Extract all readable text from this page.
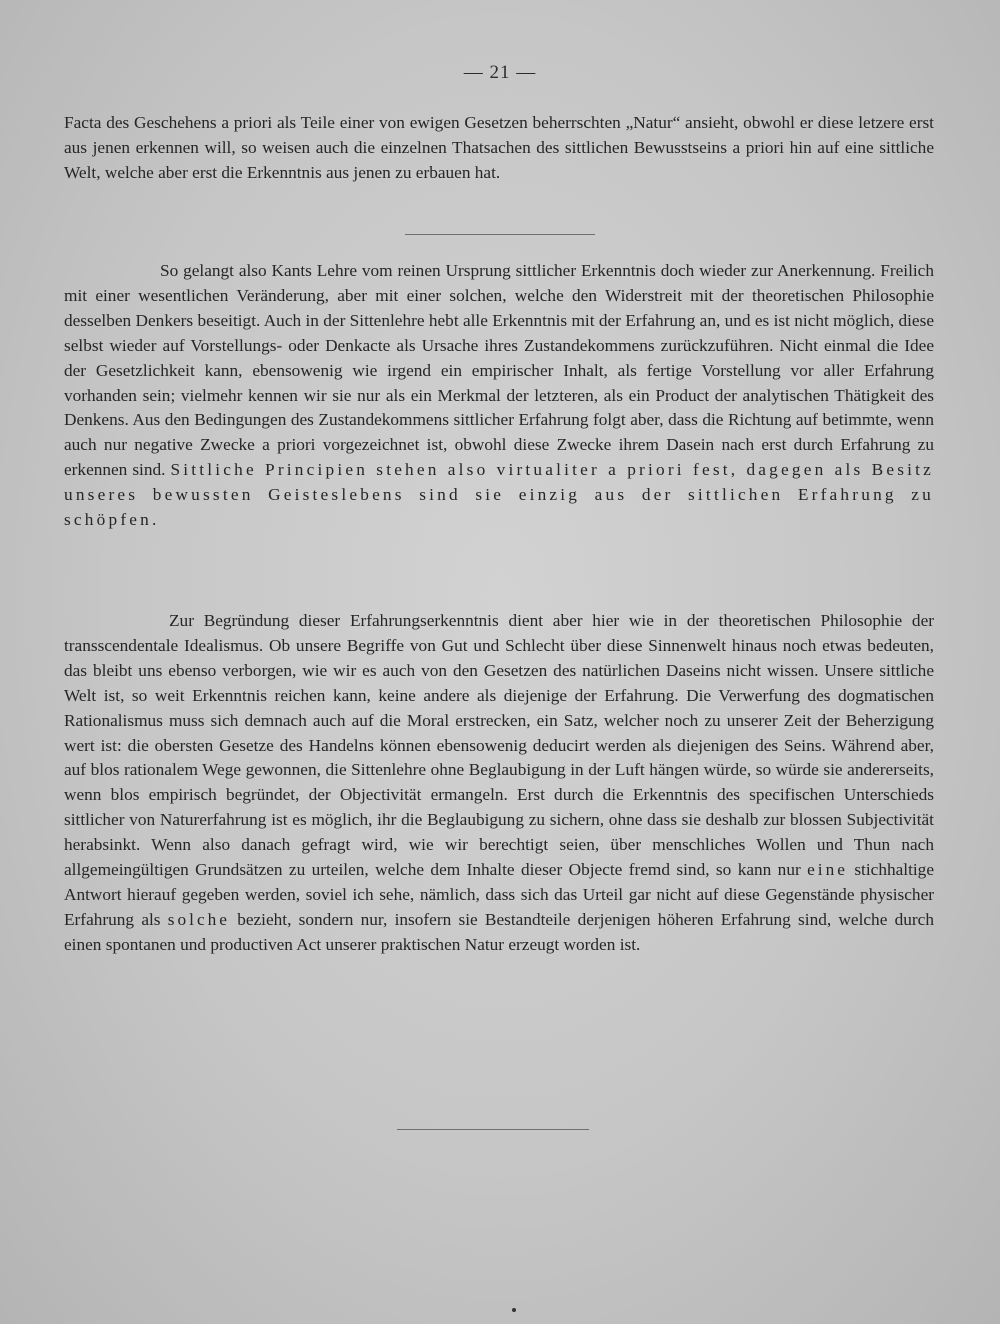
— 21 —

Facta des Geschehens a priori als Teile einer von ewigen Gesetzen beherrschten „Natur“ ansieht, obwohl er diese letzere erst aus jenen erkennen will, so weisen auch die einzelnen Thatsachen des sittlichen Bewusstseins a priori hin auf eine sittliche Welt, welche aber erst die Erkenntnis aus jenen zu erbauen hat.

So gelangt also Kants Lehre vom reinen Ursprung sittlicher Erkenntnis doch wieder zur Anerkennung. Freilich mit einer wesentlichen Veränderung, aber mit einer solchen, welche den Widerstreit mit der theoretischen Philosophie desselben Denkers beseitigt. Auch in der Sittenlehre hebt alle Erkenntnis mit der Erfahrung an, und es ist nicht möglich, diese selbst wieder auf Vorstellungs- oder Denkacte als Ursache ihres Zustandekommens zurückzuführen. Nicht einmal die Idee der Gesetzlichkeit kann, ebensowenig wie irgend ein empirischer Inhalt, als fertige Vorstellung vor aller Erfahrung vorhanden sein; vielmehr kennen wir sie nur als ein Merkmal der letzteren, als ein Product der analytischen Thätigkeit des Denkens. Aus den Bedingungen des Zustandekommens sittlicher Erfahrung folgt aber, dass die Richtung auf betimmte, wenn auch nur negative Zwecke a priori vorgezeichnet ist, obwohl diese Zwecke ihrem Dasein nach erst durch Erfahrung zu erkennen sind. Sittliche Principien stehen also virtualiter a priori fest, dagegen als Besitz unseres bewussten Geisteslebens sind sie einzig aus der sittlichen Erfahrung zu schöpfen.

Zur Begründung dieser Erfahrungserkenntnis dient aber hier wie in der theoretischen Philosophie der transscendentale Idealismus. Ob unsere Begriffe von Gut und Schlecht über diese Sinnenwelt hinaus noch etwas bedeuten, das bleibt uns ebenso verborgen, wie wir es auch von den Gesetzen des natürlichen Daseins nicht wissen. Unsere sittliche Welt ist, so weit Erkenntnis reichen kann, keine andere als diejenige der Erfahrung. Die Verwerfung des dogmatischen Rationalismus muss sich demnach auch auf die Moral erstrecken, ein Satz, welcher noch zu unserer Zeit der Beherzigung wert ist: die obersten Gesetze des Handelns können ebensowenig deducirt werden als diejenigen des Seins. Während aber, auf blos rationalem Wege gewonnen, die Sittenlehre ohne Beglaubigung in der Luft hängen würde, so würde sie andererseits, wenn blos empirisch begründet, der Objectivität ermangeln. Erst durch die Erkenntnis des specifischen Unterschieds sittlicher von Naturerfahrung ist es möglich, ihr die Beglaubigung zu sichern, ohne dass sie deshalb zur blossen Subjectivität herabsinkt. Wenn also danach gefragt wird, wie wir berechtigt seien, über menschliches Wollen und Thun nach allgemeingültigen Grundsätzen zu urteilen, welche dem Inhalte dieser Objecte fremd sind, so kann nur eine stichhaltige Antwort hierauf gegeben werden, soviel ich sehe, nämlich, dass sich das Urteil gar nicht auf diese Gegenstände physischer Erfahrung als solche bezieht, sondern nur, insofern sie Bestandteile derjenigen höheren Erfahrung sind, welche durch einen spontanen und productiven Act unserer praktischen Natur erzeugt worden ist.
